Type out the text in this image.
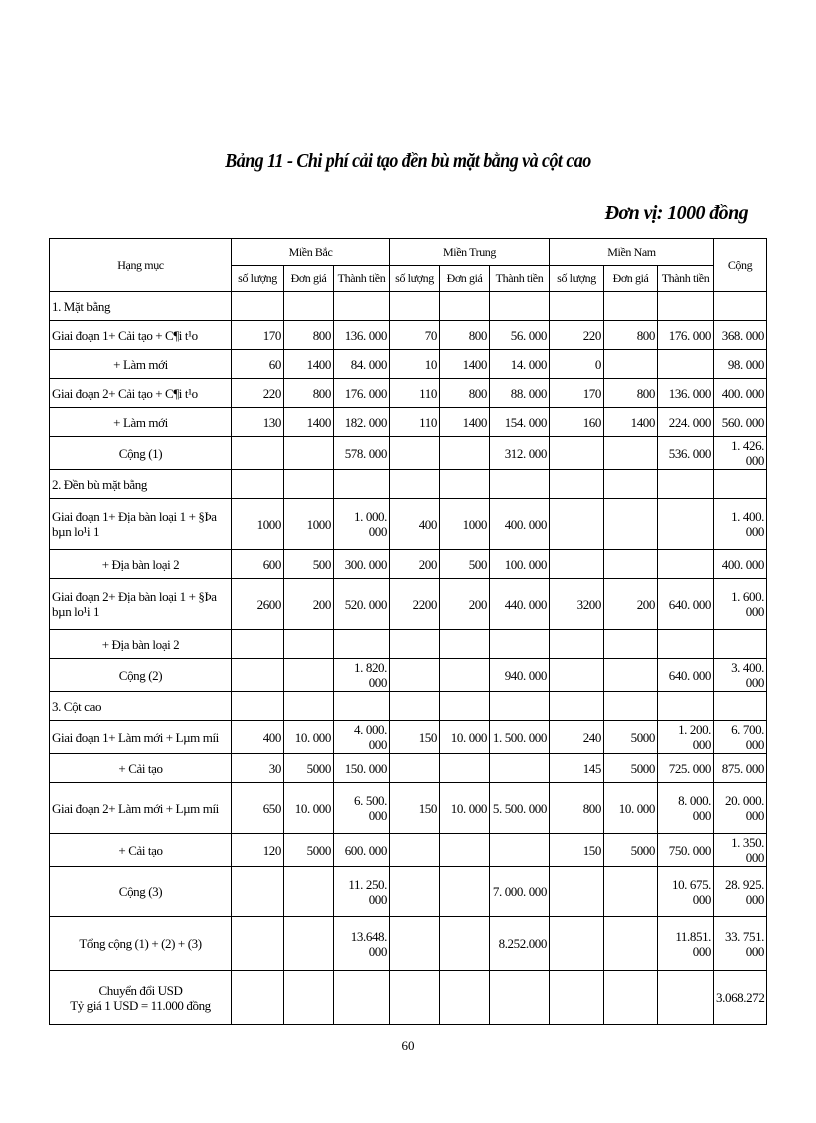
Bảng 11 - Chi phí cải tạo đền bù mặt bằng và cột cao
Đơn vị: 1000 đồng
Hạng mục	Miền Bắc			Miền Trung			Miền Nam			Cộng
	số lượng	Đơn giá	Thành tiền	số lượng	Đơn giá	Thành tiền	số lượng	Đơn giá	Thành tiền	
1. Mặt bằng										
Giai đoạn 1+ Cải tạo + C¶i t¹o	170	800	136. 000	70	800	56. 000	220	800	176. 000	368. 000
+ Làm mới	60	1400	84. 000	10	1400	14. 000	0			98. 000
Giai đoạn 2+ Cải tạo + C¶i t¹o	220	800	176. 000	110	800	88. 000	170	800	136. 000	400. 000
+ Làm mới	130	1400	182. 000	110	1400	154. 000	160	1400	224. 000	560. 000
Cộng (1)			578. 000			312. 000			536. 000	1. 426. 000
2. Đền bù mặt bằng										
Giai đoạn 1+ Địa bàn loại 1 + §Þa bµn lo¹i 1	1000	1000	1. 000. 000	400	1000	400. 000				1. 400. 000
+ Địa bàn loại 2	600	500	300. 000	200	500	100. 000				400. 000
Giai đoạn 2+ Địa bàn loại 1 + §Þa bµn lo¹i 1	2600	200	520. 000	2200	200	440. 000	3200	200	640. 000	1. 600. 000
+ Địa bàn loại 2										
Cộng (2)			1. 820. 000			940. 000			640. 000	3. 400. 000
3. Cột cao										
Giai đoạn 1+ Làm mới + Lµm míi	400	10. 000	4. 000. 000	150	10. 000	1. 500. 000	240	5000	1. 200. 000	6. 700. 000
+ Cải tạo	30	5000	150. 000				145	5000	725. 000	875. 000
Giai đoạn 2+ Làm mới + Lµm míi	650	10. 000	6. 500. 000	150	10. 000	5. 500. 000	800	10. 000	8. 000. 000	20. 000. 000
+ Cải tạo	120	5000	600. 000				150	5000	750. 000	1. 350. 000
Cộng (3)			11. 250. 000			7. 000. 000			10. 675. 000	28. 925. 000
Tổng cộng (1) + (2) + (3)			13.648. 000			8.252.000			11.851. 000	33. 751. 000

Chuyển đổi USD
Tỷ giá 1 USD = 11.000 đồng										3.068.272
60
